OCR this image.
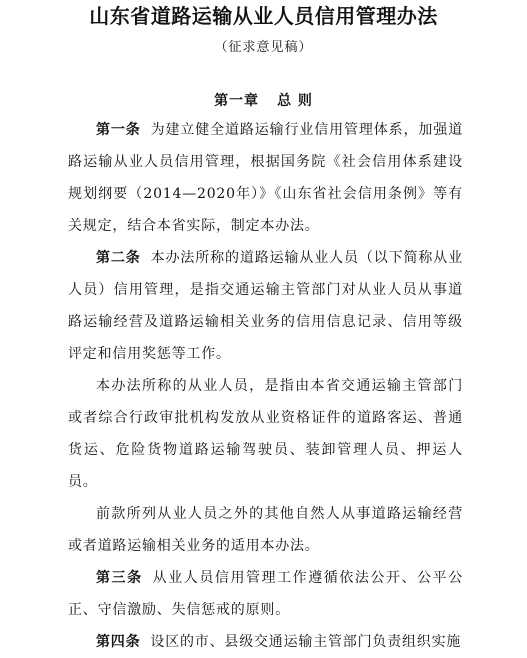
山东省道路运输从业人员信用管理办法
（征求意见稿）
第一章 总 则

第一条 为建立健全道路运输行业信用管理体系，加强道路运输从业人员信用管理，根据国务院《社会信用体系建设规划纲要（2014—2020年）》《山东省社会信用条例》等有关规定，结合本省实际，制定本办法。

第二条 本办法所称的道路运输从业人员（以下简称从业人员）信用管理，是指交通运输主管部门对从业人员从事道路运输经营及道路运输相关业务的信用信息记录、信用等级评定和信用奖惩等工作。

本办法所称的从业人员，是指由本省交通运输主管部门或者综合行政审批机构发放从业资格证件的道路客运、普通货运、危险货物道路运输驾驶员、装卸管理人员、押运人员。

前款所列从业人员之外的其他自然人从事道路运输经营或者道路运输相关业务的适用本办法。

第三条 从业人员信用管理工作遵循依法公开、公平公正、守信激励、失信惩戒的原则。

第四条 设区的市、县级交通运输主管部门负责组织实施
